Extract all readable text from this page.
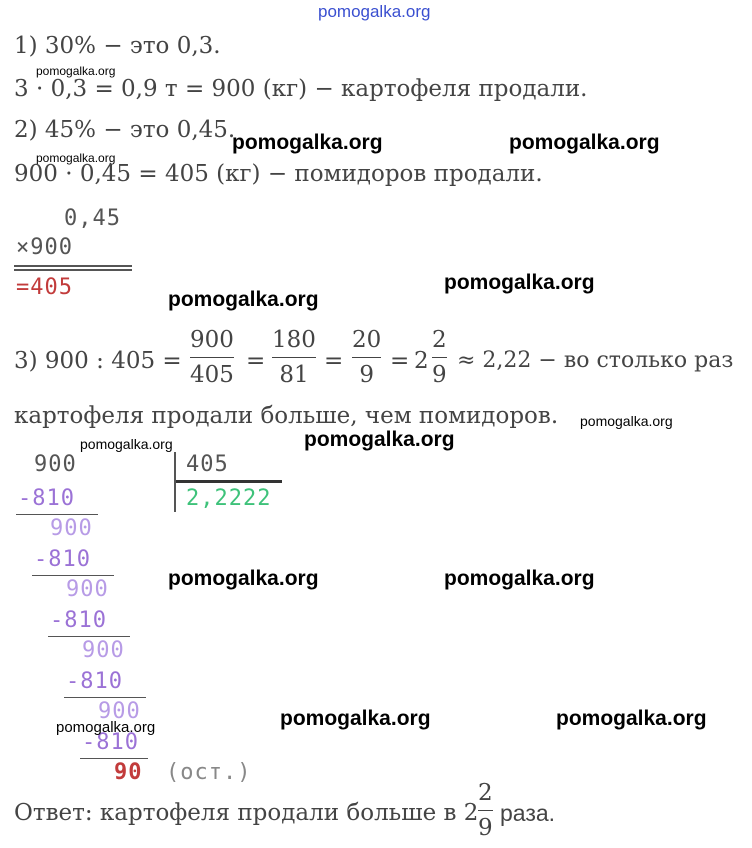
pomogalka.org
1) 30% − это 0,3.
pomogalka.org
3 · 0,3 = 0,9 т = 900 (кг) − картофеля продали.
2) 45% − это 0,45.
pomogalka.org	pomogalka.org
pomogalka.org
900 · 0,45 = 405 (кг) − помидоров продали.
0,45
×900
=405	pomogalka.org
pomogalka.org
3) 900 : 405 =
900
405
=
180
81
=
20
9
= 2
2
9
≈ 2,22 − во столько раз
картофеля продали больше, чем помидоров. pomogalka.org
pomogalka.org
pomogalka.org
900	405
2,2222
-810
900
-810
900	pomogalka.org	pomogalka.org
-810
900
-810
900
-810
pomogalka.org	pomogalka.org	pomogalka.org
90 (ост.)
Ответ: картофеля продали больше в 2
2
9
раза.
